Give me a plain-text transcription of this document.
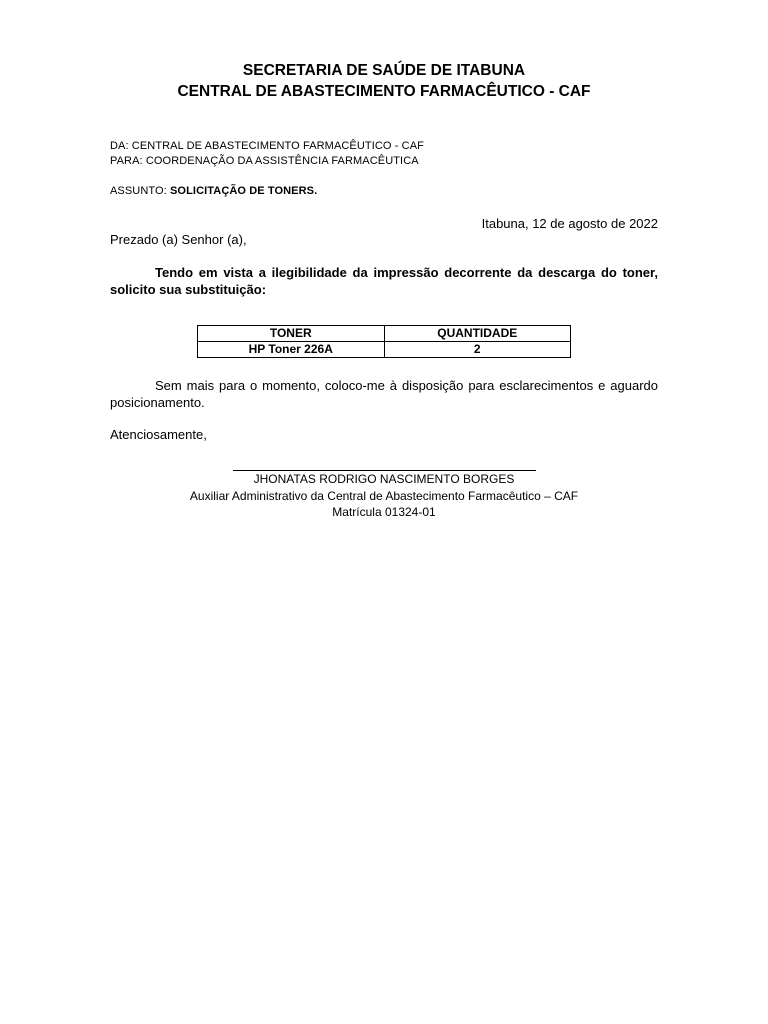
SECRETARIA DE SAÚDE DE ITABUNA
CENTRAL DE ABASTECIMENTO FARMACÊUTICO - CAF
DA: CENTRAL DE ABASTECIMENTO FARMACÊUTICO - CAF
PARA: COORDENAÇÃO DA ASSISTÊNCIA FARMACÊUTICA
ASSUNTO: SOLICITAÇÃO DE TONERS.
Itabuna, 12 de agosto de 2022
Prezado (a) Senhor (a),
Tendo em vista a ilegibilidade da impressão decorrente da descarga do toner, solicito sua substituição:
TONER	QUANTIDADE
HP Toner 226A	2
Sem mais para o momento, coloco-me à disposição para esclarecimentos e aguardo posicionamento.
Atenciosamente,
JHONATAS RODRIGO NASCIMENTO BORGES
Auxiliar Administrativo da Central de Abastecimento Farmacêutico – CAF
Matrícula 01324-01
